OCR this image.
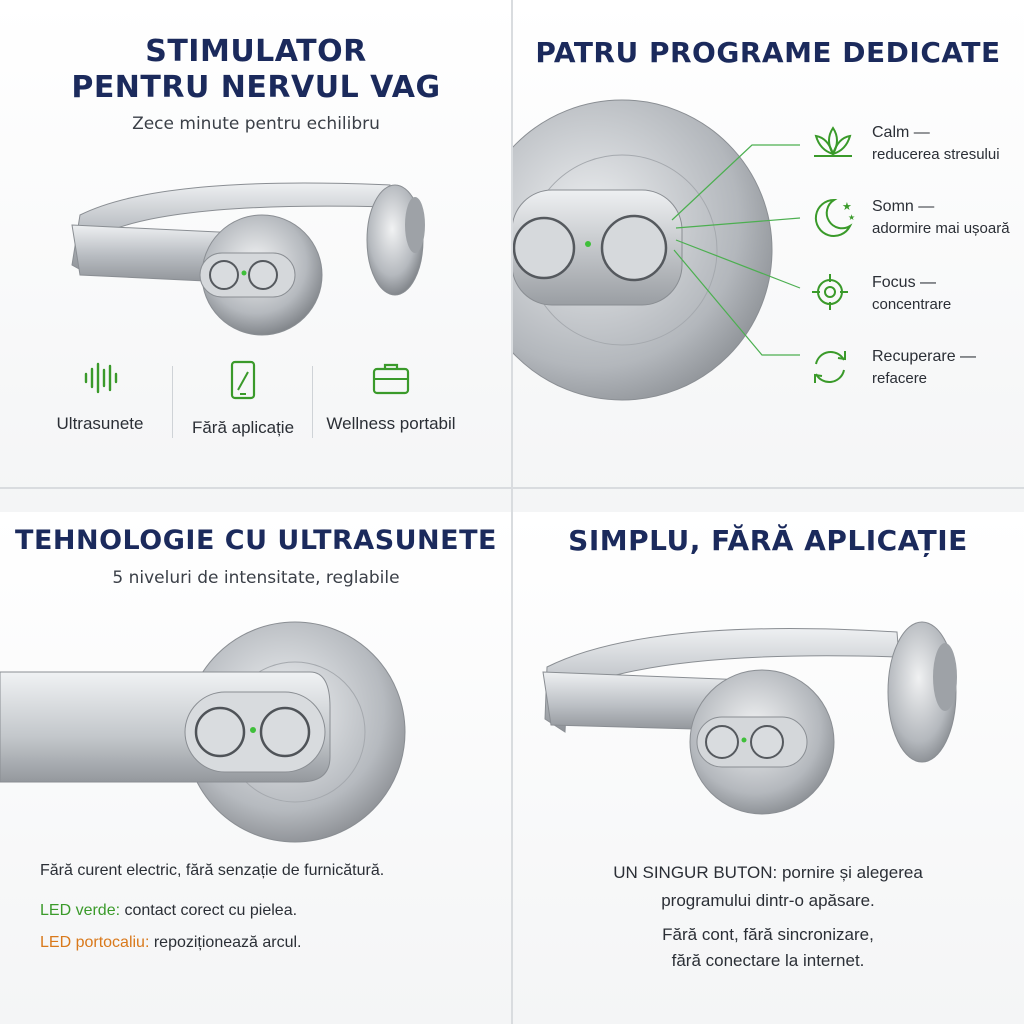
STIMULATOR
PENTRU NERVUL VAG
Zece minute pentru echilibru
Ultrasunete	Fără aplicație	Wellness portabil
PATRU PROGRAME DEDICATE
Calm —
reducerea stresului
★
★
Somn —
adormire mai ușoară
Focus —
concentrare
Recuperare —
refacere
TEHNOLOGIE CU ULTRASUNETE
5 niveluri de intensitate, reglabile
Fără curent electric, fără senzație de furnicătură.
LED verde: contact corect cu pielea.
LED portocaliu: repoziționează arcul.
SIMPLU, FĂRĂ APLICAȚIE
UN SINGUR BUTON: pornire și alegerea
programului dintr-o apăsare.
Fără cont, fără sincronizare,
fără conectare la internet.
